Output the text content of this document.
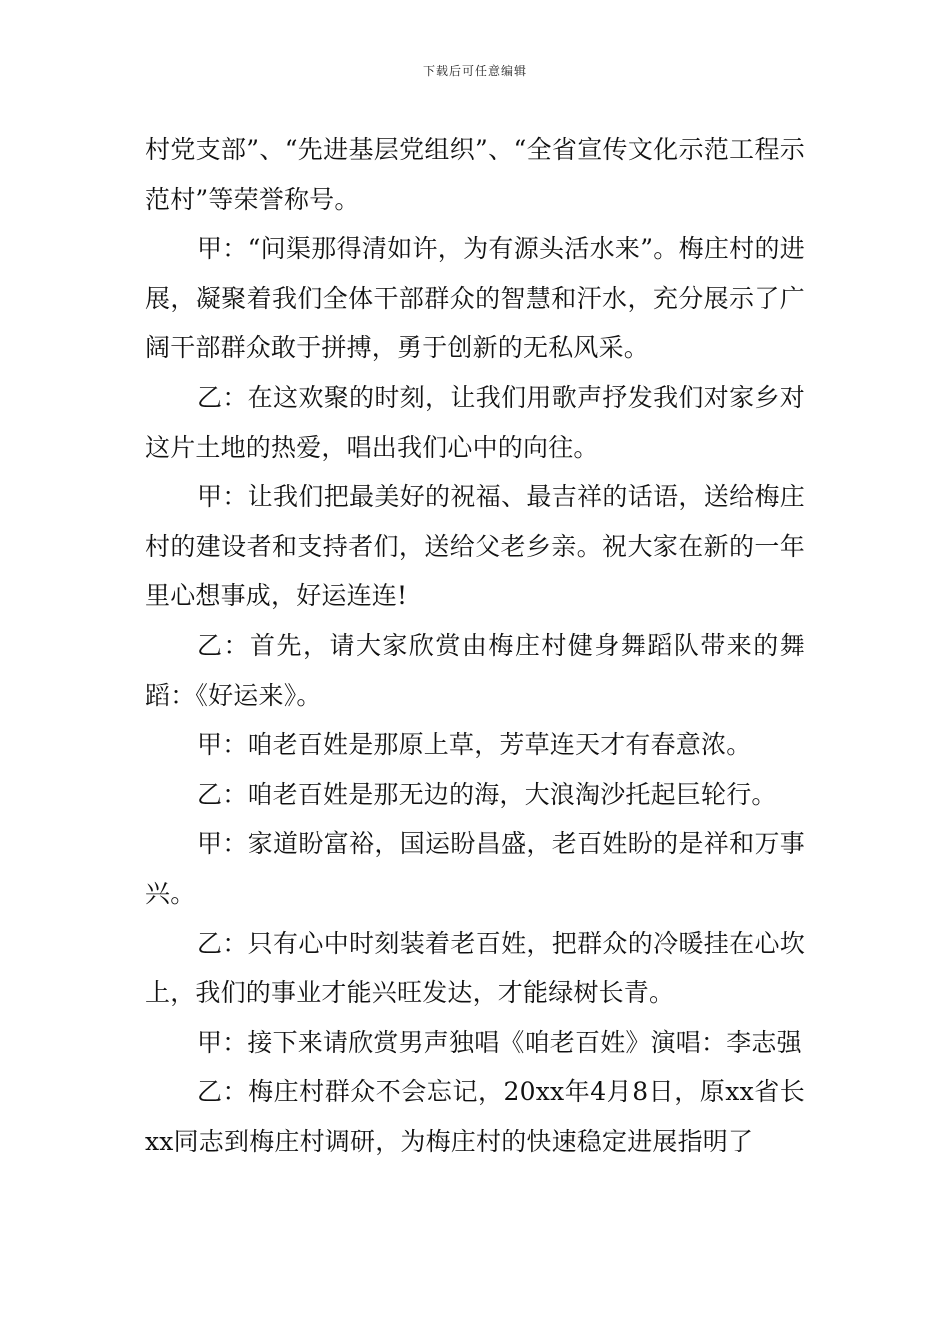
下载后可任意编辑

村党支部”、“先进基层党组织”、“全省宣传文化示范工程示范村”等荣誉称号。

甲：“问渠那得清如许，为有源头活水来”。梅庄村的进展，凝聚着我们全体干部群众的智慧和汗水，充分展示了广阔干部群众敢于拼搏，勇于创新的无私风采。

乙：在这欢聚的时刻，让我们用歌声抒发我们对家乡对这片土地的热爱，唱出我们心中的向往。

甲：让我们把最美好的祝福、最吉祥的话语，送给梅庄村的建设者和支持者们，送给父老乡亲。祝大家在新的一年里心想事成，好运连连!

乙：首先，请大家欣赏由梅庄村健身舞蹈队带来的舞蹈：《好运来》。

甲：咱老百姓是那原上草，芳草连天才有春意浓。

乙：咱老百姓是那无边的海，大浪淘沙托起巨轮行。

甲：家道盼富裕，国运盼昌盛，老百姓盼的是祥和万事兴。

乙：只有心中时刻装着老百姓，把群众的冷暖挂在心坎上，我们的事业才能兴旺发达，才能绿树长青。

甲：接下来请欣赏男声独唱《咱老百姓》演唱：李志强

乙：梅庄村群众不会忘记，20xx年4月8日，原xx省长xx同志到梅庄村调研，为梅庄村的快速稳定进展指明了
